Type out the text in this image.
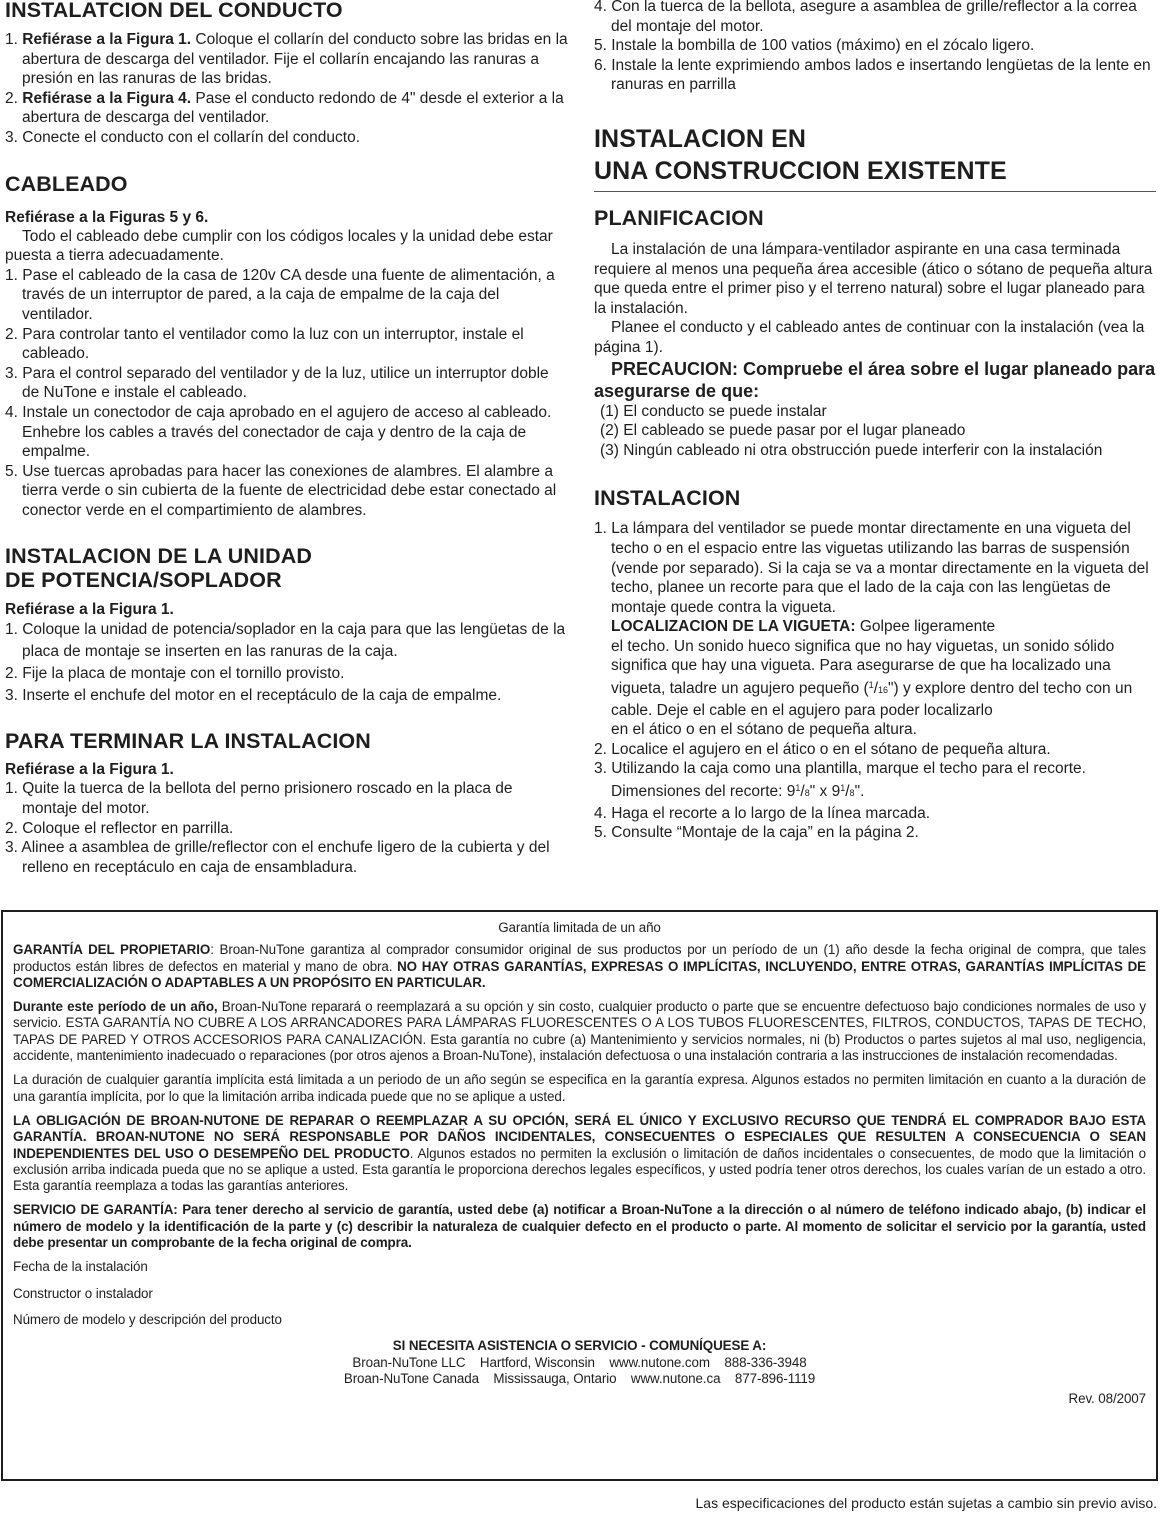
INSTALATCION DEL CONDUCTO
1. Refiérase a la Figura 1. Coloque el collarín del conducto sobre las bridas en la abertura de descarga del ventilador. Fije el collarín encajando las ranuras a presión en las ranuras de las bridas.
2. Refiérase a la Figura 4. Pase el conducto redondo de 4" desde el exterior a la abertura de descarga del ventilador.
3. Conecte el conducto con el collarín del conducto.
CABLEADO
Refiérase a la Figuras 5 y 6.

Todo el cableado debe cumplir con los códigos locales y la unidad debe estar puesta a tierra adecuadamente.

1. Pase el cableado de la casa de 120v CA desde una fuente de alimentación, a través de un interruptor de pared, a la caja de empalme de la caja del ventilador.
2. Para controlar tanto el ventilador como la luz con un interruptor, instale el cableado.
3. Para el control separado del ventilador y de la luz, utilice un interruptor doble de NuTone e instale el cableado.
4. Instale un conectodor de caja aprobado en el agujero de acceso al cableado. Enhebre los cables a través del conectador de caja y dentro de la caja de empalme.
5. Use tuercas aprobadas para hacer las conexiones de alambres. El alambre a tierra verde o sin cubierta de la fuente de electricidad debe estar conectado al conector verde en el compartimiento de alambres.
INSTALACION DE LA UNIDAD
DE POTENCIA/SOPLADOR
Refiérase a la Figura 1.
1. Coloque la unidad de potencia/soplador en la caja para que las lengüetas de la placa de montaje se inserten en las ranuras de la caja.
2. Fije la placa de montaje con el tornillo provisto.
3. Inserte el enchufe del motor en el receptáculo de la caja de empalme.
PARA TERMINAR LA INSTALACION
Refiérase a la Figura 1.
1. Quite la tuerca de la bellota del perno prisionero roscado en la placa de montaje del motor.
2. Coloque el reflector en parrilla.
3. Alinee a asamblea de grille/reflector con el enchufe ligero de la cubierta y del relleno en receptáculo en caja de ensambladura.
4. Con la tuerca de la bellota, asegure a asamblea de grille/reflector a la correa del montaje del motor.
5. Instale la bombilla de 100 vatios (máximo) en el zócalo ligero.
6. Instale la lente exprimiendo ambos lados e insertando lengüetas de la lente en ranuras en parrilla
INSTALACION EN
UNA CONSTRUCCION EXISTENTE
PLANIFICACION

La instalación de una lámpara-ventilador aspirante en una casa terminada requiere al menos una pequeña área accesible (ático o sótano de pequeña altura que queda entre el primer piso y el terreno natural) sobre el lugar planeado para la instalación.

Planee el conducto y el cableado antes de continuar con la instalación (vea la página 1).

PRECAUCION: Compruebe el área sobre el lugar planeado para asegurarse de que:

(1) El conducto se puede instalar
(2) El cableado se puede pasar por el lugar planeado
(3) Ningún cableado ni otra obstrucción puede interferir con la instalación
INSTALACION
1. La lámpara del ventilador se puede montar directamente en una vigueta del techo o en el espacio entre las viguetas utilizando las barras de suspensión (vende por separado). Si la caja se va a montar directamente en la vigueta del techo, planee un recorte para que el lado de la caja con las lengüetas de montaje quede contra la vigueta.
LOCALIZACION DE LA VIGUETA: Golpee ligeramente
el techo. Un sonido hueco significa que no hay viguetas, un sonido sólido significa que hay una vigueta. Para asegurarse de que ha localizado una vigueta, taladre un agujero pequeño ($^1$/16") y explore dentro del techo con un cable. Deje el cable en el agujero para poder localizarlo
en el ático o en el sótano de pequeña altura.
2. Localice el agujero en el ático o en el sótano de pequeña altura.
3. Utilizando la caja como una plantilla, marque el techo para el recorte.
Dimensiones del recorte: $9^1/8$" x $9^1/8$".
4. Haga el recorte a lo largo de la línea marcada.
5. Consulte “Montaje de la caja” en la página 2.

Garantía limitada de un año

GARANTÍA DEL PROPIETARIO: Broan-NuTone garantiza al comprador consumidor original de sus productos por un período de un (1) año desde la fecha original de compra, que tales productos están libres de defectos en material y mano de obra. NO HAY OTRAS GARANTÍAS, EXPRESAS O IMPLÍCITAS, INCLUYENDO, ENTRE OTRAS, GARANTÍAS IMPLÍCITAS DE COMERCIALIZACIÓN O ADAPTABLES A UN PROPÓSITO EN PARTICULAR.

Durante este período de un año, Broan-NuTone reparará o reemplazará a su opción y sin costo, cualquier producto o parte que se encuentre defectuoso bajo condiciones normales de uso y servicio. ESTA GARANTÍA NO CUBRE A LOS ARRANCADORES PARA LÁMPARAS FLUORESCENTES O A LOS TUBOS FLUORESCENTES, FILTROS, CONDUCTOS, TAPAS DE TECHO, TAPAS DE PARED Y OTROS ACCESORIOS PARA CANALIZACIÓN. Esta garantía no cubre (a) Mantenimiento y servicios normales, ni (b) Productos o partes sujetos al mal uso, negligencia, accidente, mantenimiento inadecuado o reparaciones (por otros ajenos a Broan-NuTone), instalación defectuosa o una instalación contraria a las instrucciones de instalación recomendadas.

La duración de cualquier garantía implícita está limitada a un periodo de un año según se especifica en la garantía expresa. Algunos estados no permiten limitación en cuanto a la duración de una garantía implícita, por lo que la limitación arriba indicada puede que no se aplique a usted.

LA OBLIGACIÓN DE BROAN-NUTONE DE REPARAR O REEMPLAZAR A SU OPCIÓN, SERÁ EL ÚNICO Y EXCLUSIVO RECURSO QUE TENDRÁ EL COMPRADOR BAJO ESTA GARANTÍA. BROAN-NUTONE NO SERÁ RESPONSABLE POR DAÑOS INCIDENTALES, CONSECUENTES O ESPECIALES QUE RESULTEN A CONSECUENCIA O SEAN INDEPENDIENTES DEL USO O DESEMPEÑO DEL PRODUCTO. Algunos estados no permiten la exclusión o limitación de daños incidentales o consecuentes, de modo que la limitación o exclusión arriba indicada pueda que no se aplique a usted. Esta garantía le proporciona derechos legales específicos, y usted podría tener otros derechos, los cuales varían de un estado a otro. Esta garantía reemplaza a todas las garantías anteriores.

SERVICIO DE GARANTÍA: Para tener derecho al servicio de garantía, usted debe (a) notificar a Broan-NuTone a la dirección o al número de teléfono indicado abajo, (b) indicar el número de modelo y la identificación de la parte y (c) describir la naturaleza de cualquier defecto en el producto o parte. Al momento de solicitar el servicio por la garantía, usted debe presentar un comprobante de la fecha original de compra.

Fecha de la instalación

Constructor o instalador

Número de modelo y descripción del producto

SI NECESITA ASISTENCIA O SERVICIO - COMUNÍQUESE A:

Broan-NuTone LLC    Hartford, Wisconsin    www.nutone.com    888-336-3948

Broan-NuTone Canada    Mississauga, Ontario    www.nutone.ca    877-896-1119

Rev. 08/2007

Las especificaciones del producto están sujetas a cambio sin previo aviso.
